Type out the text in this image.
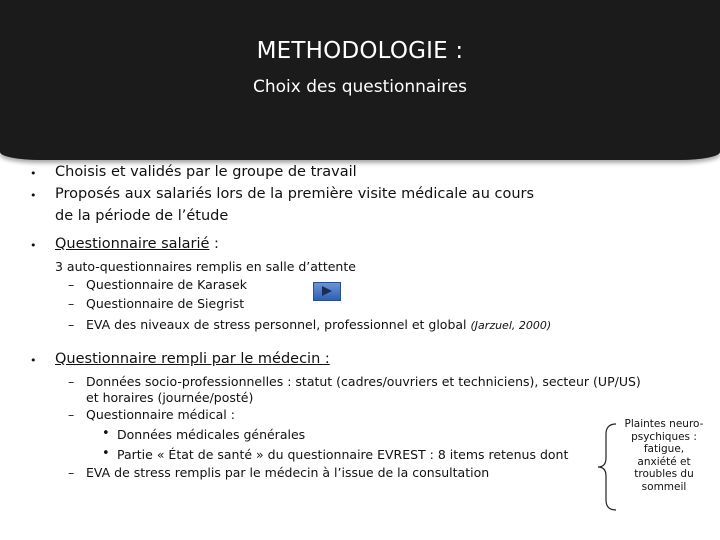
METHODOLOGIE :
Choix des questionnaires
• Choisis et validés par le groupe de travail
• Proposés aux salariés lors de la première visite médicale au cours
de la période de l’étude
• Questionnaire salarié :
3 auto-questionnaires remplis en salle d’attente
– Questionnaire de Karasek
– Questionnaire de Siegrist
– EVA des niveaux de stress personnel, professionnel et global (Jarzuel, 2000)
• Questionnaire rempli par le médecin :
– Données socio-professionnelles : statut (cadres/ouvriers et techniciens), secteur (UP/US)
et horaires (journée/posté)
– Questionnaire médical :
• Données médicales générales
• Partie « État de santé » du questionnaire EVREST : 8 items retenus dont
– EVA de stress remplis par le médecin à l’issue de la consultation
Plaintes neuro-
psychiques :
fatigue,
anxiété et
troubles du
sommeil
